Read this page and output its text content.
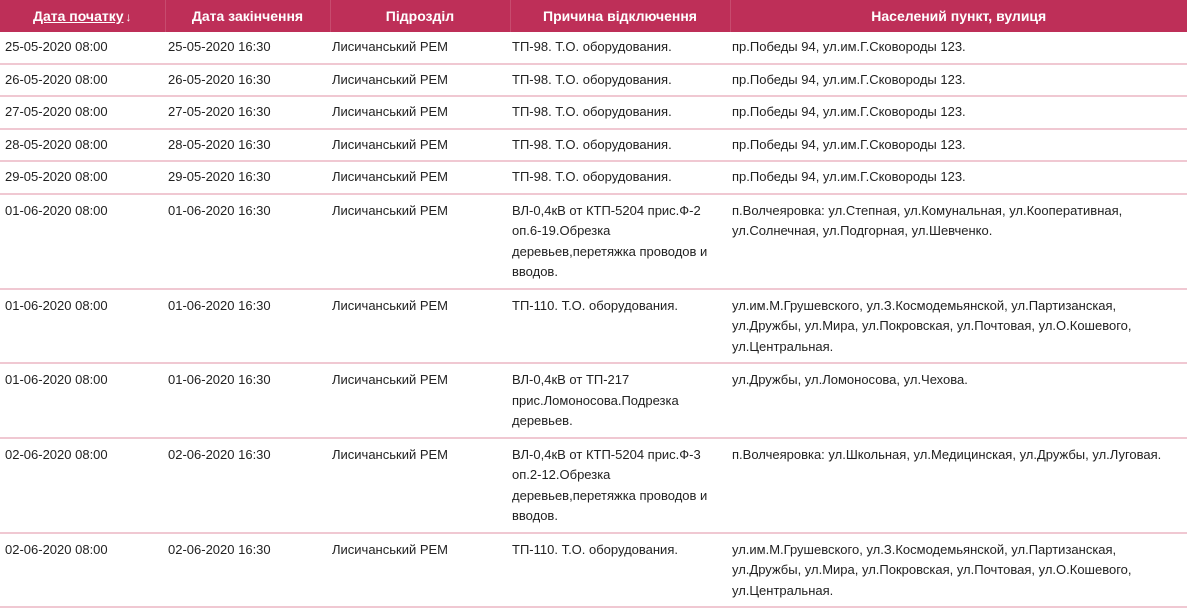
Дата початку ↓	Дата закінчення	Підрозділ	Причина відключення	Населений пункт, вулиця
25-05-2020 08:00	25-05-2020 16:30	Лисичанський РЕМ	ТП-98. Т.О. оборудования.	пр.Победы 94, ул.им.Г.Сковороды 123.
26-05-2020 08:00	26-05-2020 16:30	Лисичанський РЕМ	ТП-98. Т.О. оборудования.	пр.Победы 94, ул.им.Г.Сковороды 123.
27-05-2020 08:00	27-05-2020 16:30	Лисичанський РЕМ	ТП-98. Т.О. оборудования.	пр.Победы 94, ул.им.Г.Сковороды 123.
28-05-2020 08:00	28-05-2020 16:30	Лисичанський РЕМ	ТП-98. Т.О. оборудования.	пр.Победы 94, ул.им.Г.Сковороды 123.
29-05-2020 08:00	29-05-2020 16:30	Лисичанський РЕМ	ТП-98. Т.О. оборудования.	пр.Победы 94, ул.им.Г.Сковороды 123.
01-06-2020 08:00	01-06-2020 16:30	Лисичанський РЕМ	ВЛ-0,4кВ от КТП-5204 прис.Ф-2 оп.6-19.Обрезка деревьев,перетяжка проводов и вводов.	п.Волчеяровка: ул.Степная, ул.Комунальная, ул.Кооперативная, ул.Солнечная, ул.Подгорная, ул.Шевченко.
01-06-2020 08:00	01-06-2020 16:30	Лисичанський РЕМ	ТП-110. Т.О. оборудования.	ул.им.М.Грушевского, ул.З.Космодемьянской, ул.Партизанская, ул.Дружбы, ул.Мира, ул.Покровская, ул.Почтовая, ул.О.Кошевого, ул.Центральная.
01-06-2020 08:00	01-06-2020 16:30	Лисичанський РЕМ	ВЛ-0,4кВ от ТП-217 прис.Ломоносова.Подрезка деревьев.	ул.Дружбы, ул.Ломоносова, ул.Чехова.
02-06-2020 08:00	02-06-2020 16:30	Лисичанський РЕМ	ВЛ-0,4кВ от КТП-5204 прис.Ф-3 оп.2-12.Обрезка деревьев,перетяжка проводов и вводов.	п.Волчеяровка: ул.Школьная, ул.Медицинская, ул.Дружбы, ул.Луговая.
02-06-2020 08:00	02-06-2020 16:30	Лисичанський РЕМ	ТП-110. Т.О. оборудования.	ул.им.М.Грушевского, ул.З.Космодемьянской, ул.Партизанская, ул.Дружбы, ул.Мира, ул.Покровская, ул.Почтовая, ул.О.Кошевого, ул.Центральная.
